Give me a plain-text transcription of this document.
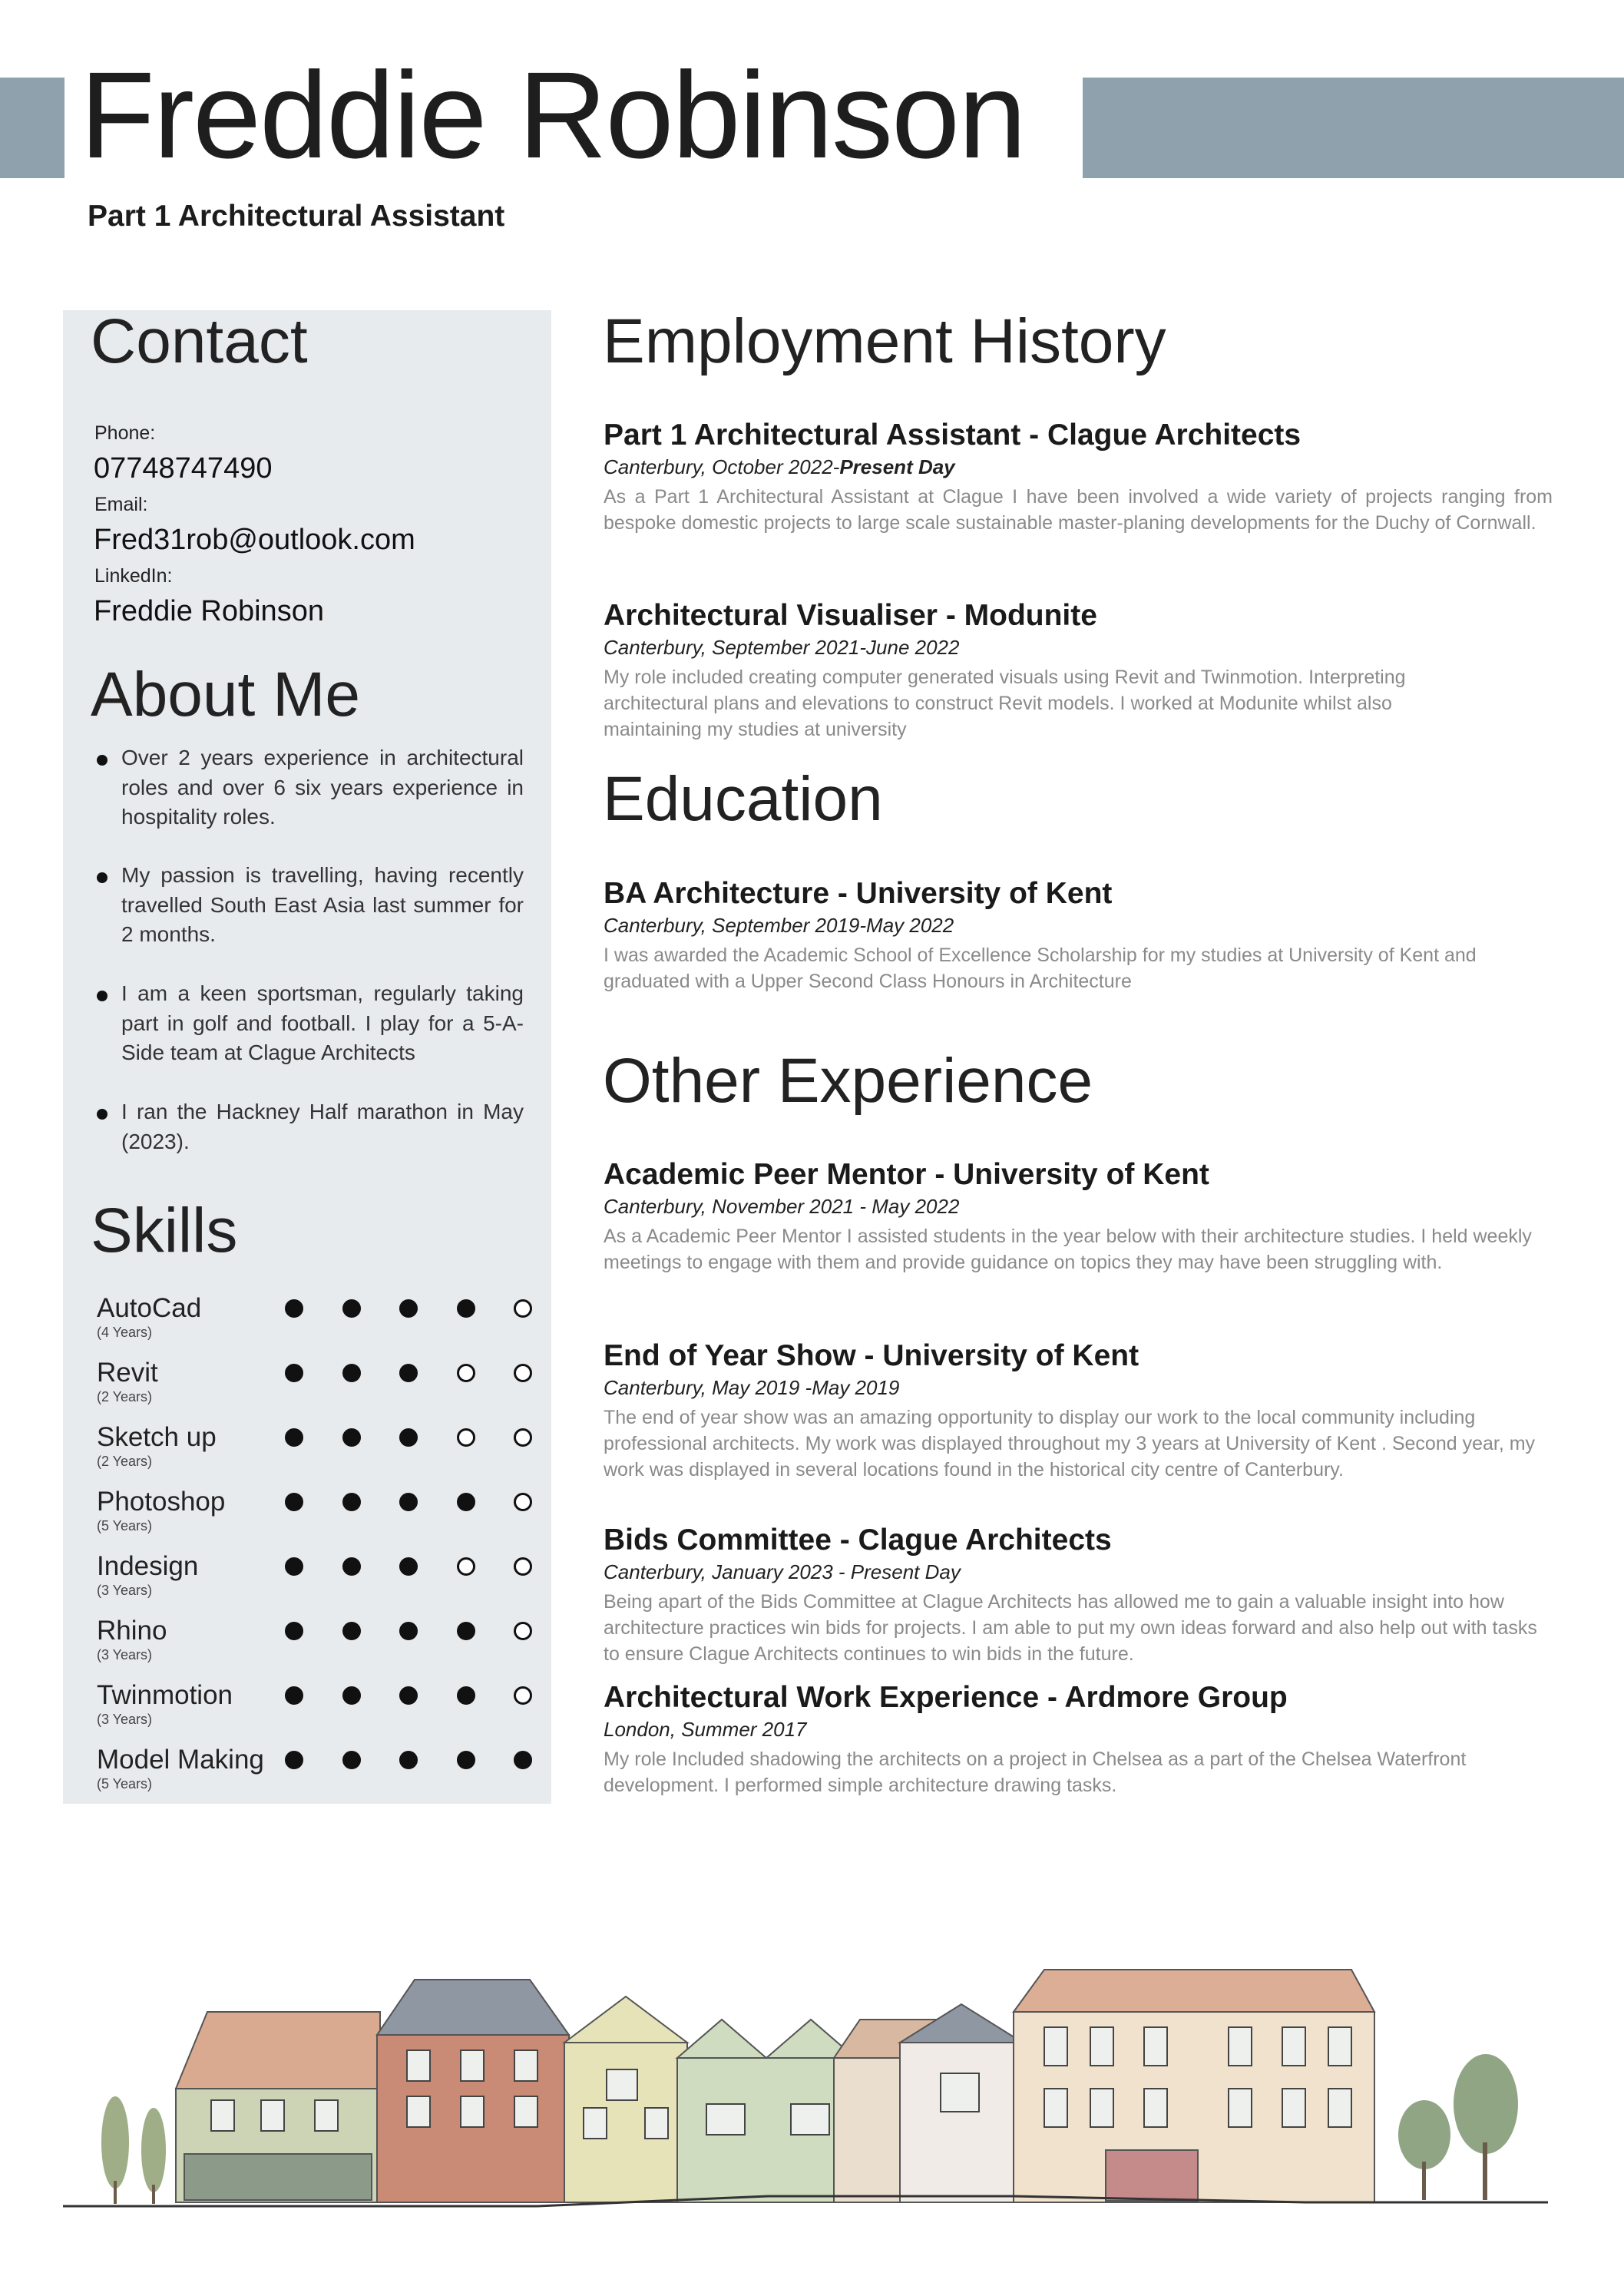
Freddie Robinson
Part 1 Architectural Assistant
Contact
Phone:
07748747490
Email:
Fred31rob@outlook.com
LinkedIn:
Freddie Robinson
About Me
Over 2 years experience in architectural roles and over 6 six years experience in hospitality roles.
My passion is travelling, having recently travelled South East Asia last summer for 2 months.
I am a keen sportsman, regularly taking part in golf and football. I play for a 5-A-Side team at Clague Architects
I ran the Hackney Half marathon in May (2023).
Skills
AutoCad
(4 Years)
Revit
(2 Years)
Sketch up
(2 Years)
Photoshop
(5 Years)
Indesign
(3 Years)
Rhino
(3 Years)
Twinmotion
(3 Years)
Model Making
(5 Years)
Employment History
Part 1 Architectural Assistant - Clague Architects
Canterbury, October 2022-Present Day
As a Part 1 Architectural Assistant at Clague I have been involved a wide variety of projects ranging from bespoke domestic projects to large scale sustainable master-planing developments for the Duchy of Cornwall.
Architectural Visualiser - Modunite
Canterbury, September 2021-June 2022
My role included creating computer generated visuals using Revit and Twinmotion. Interpreting architectural plans and elevations to construct Revit models. I worked at Modunite whilst also maintaining my studies at university
Education
BA Architecture - University of Kent
Canterbury, September 2019-May 2022
I was awarded the Academic School of Excellence Scholarship for my studies at University of Kent and graduated with a Upper Second Class Honours in Architecture
Other Experience
Academic Peer Mentor - University of Kent
Canterbury, November 2021 - May 2022
As a Academic Peer Mentor I assisted students in the year below with their architecture studies. I held weekly meetings to engage with them and provide guidance on topics they may have been struggling with.
End of Year Show - University of Kent
Canterbury, May 2019 -May 2019
The end of year show was an amazing opportunity to display our work to the local community including professional architects. My work was displayed throughout my 3 years at University of Kent . Second year, my work was displayed in several locations found in the historical city centre of Canterbury.
Bids Committee - Clague Architects
Canterbury, January 2023 - Present Day
Being apart of the Bids Committee at Clague Architects has allowed me to gain a valuable insight into how architecture practices win bids for projects. I am able to put my own ideas forward and also help out with tasks to ensure Clague Architects continues to win bids in the future.
Architectural Work Experience - Ardmore Group
London, Summer 2017
My role Included shadowing the architects on a project in Chelsea as a part of the Chelsea Waterfront development. I performed simple architecture drawing tasks.
